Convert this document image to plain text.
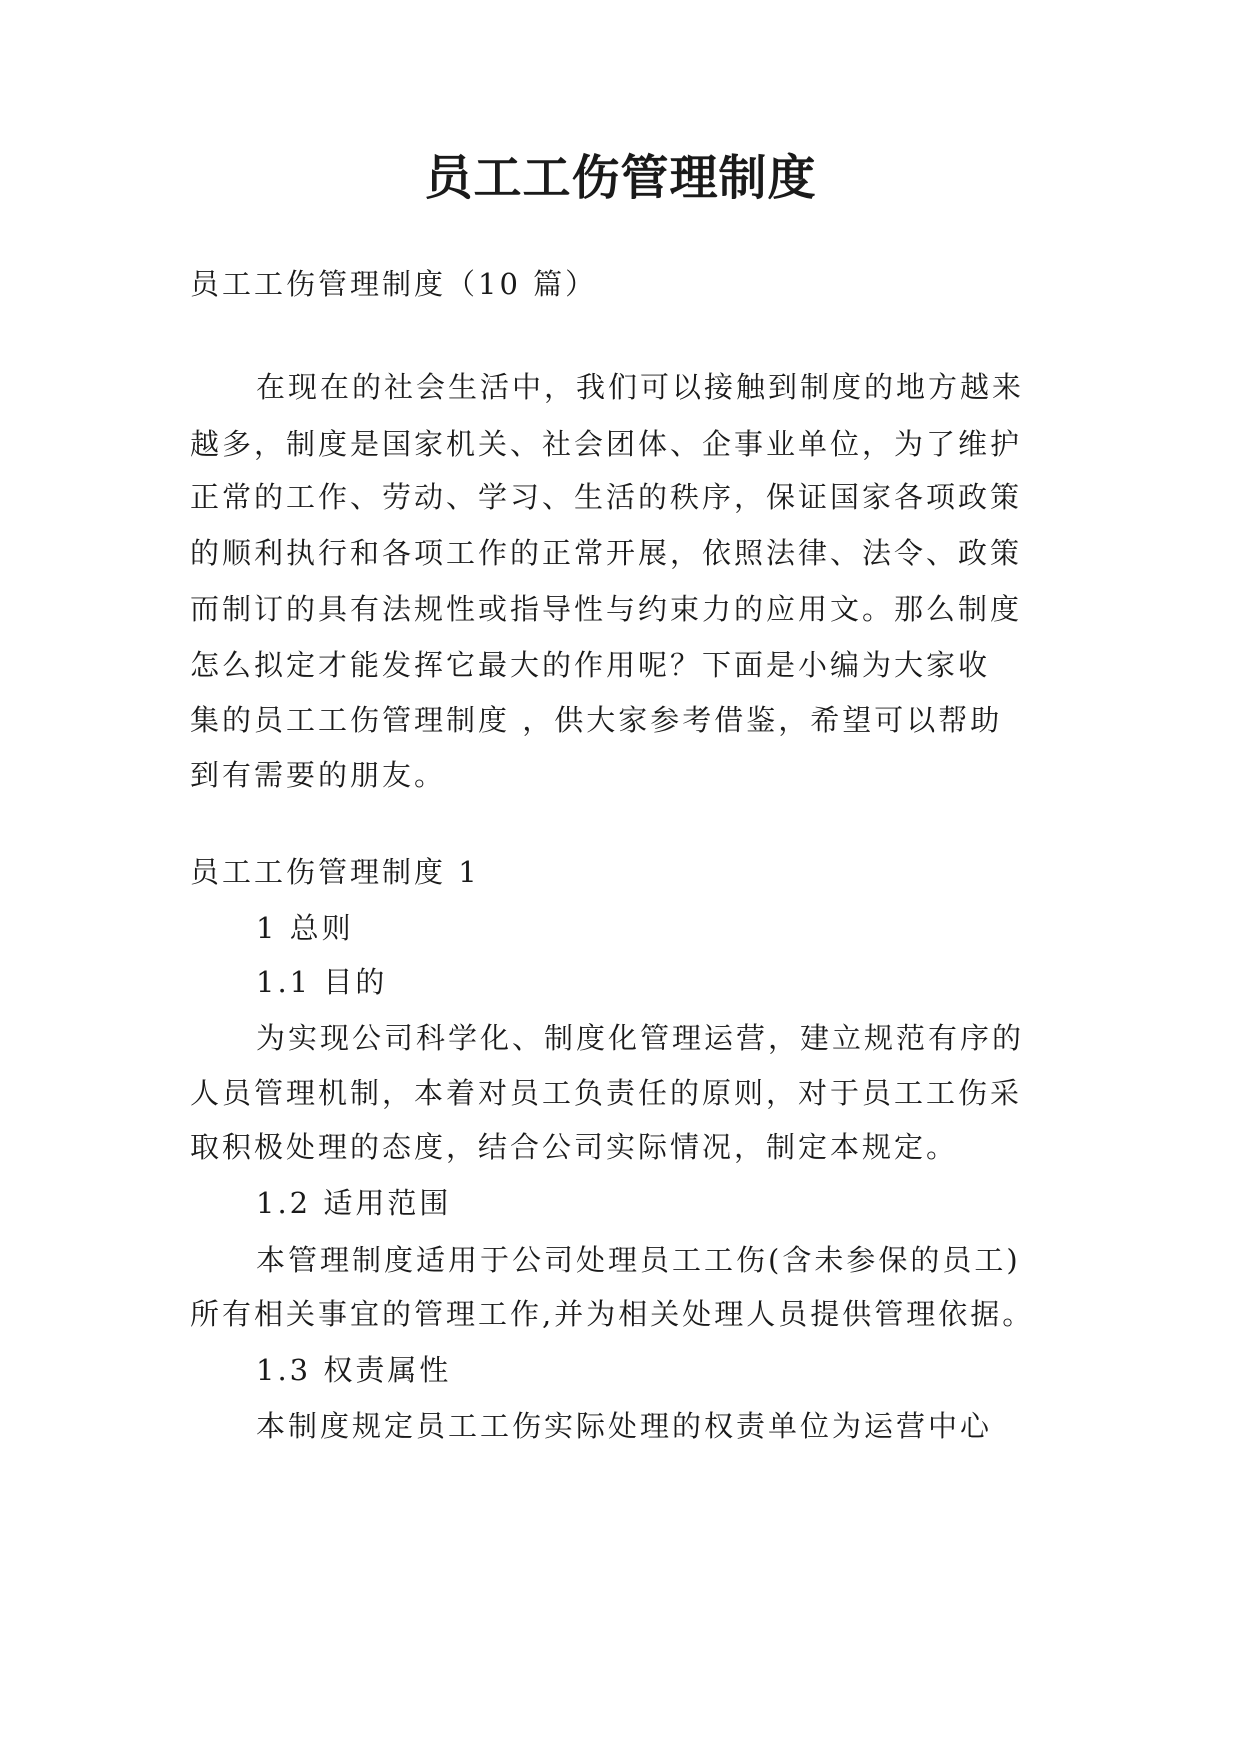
员工工伤管理制度

员工工伤管理制度（10 篇）

在现在的社会生活中，我们可以接触到制度的地方越来

越多，制度是国家机关、社会团体、企事业单位，为了维护

正常的工作、劳动、学习、生活的秩序，保证国家各项政策

的顺利执行和各项工作的正常开展，依照法律、法令、政策

而制订的具有法规性或指导性与约束力的应用文。那么制度

怎么拟定才能发挥它最大的作用呢？下面是小编为大家收

集的员工工伤管理制度 ，供大家参考借鉴，希望可以帮助

到有需要的朋友。

员工工伤管理制度 1

1 总则

1.1 目的

为实现公司科学化、制度化管理运营，建立规范有序的

人员管理机制，本着对员工负责任的原则，对于员工工伤采

取积极处理的态度，结合公司实际情况，制定本规定。

1.2 适用范围

本管理制度适用于公司处理员工工伤(含未参保的员工)

所有相关事宜的管理工作,并为相关处理人员提供管理依据。

1.3 权责属性

本制度规定员工工伤实际处理的权责单位为运营中心
